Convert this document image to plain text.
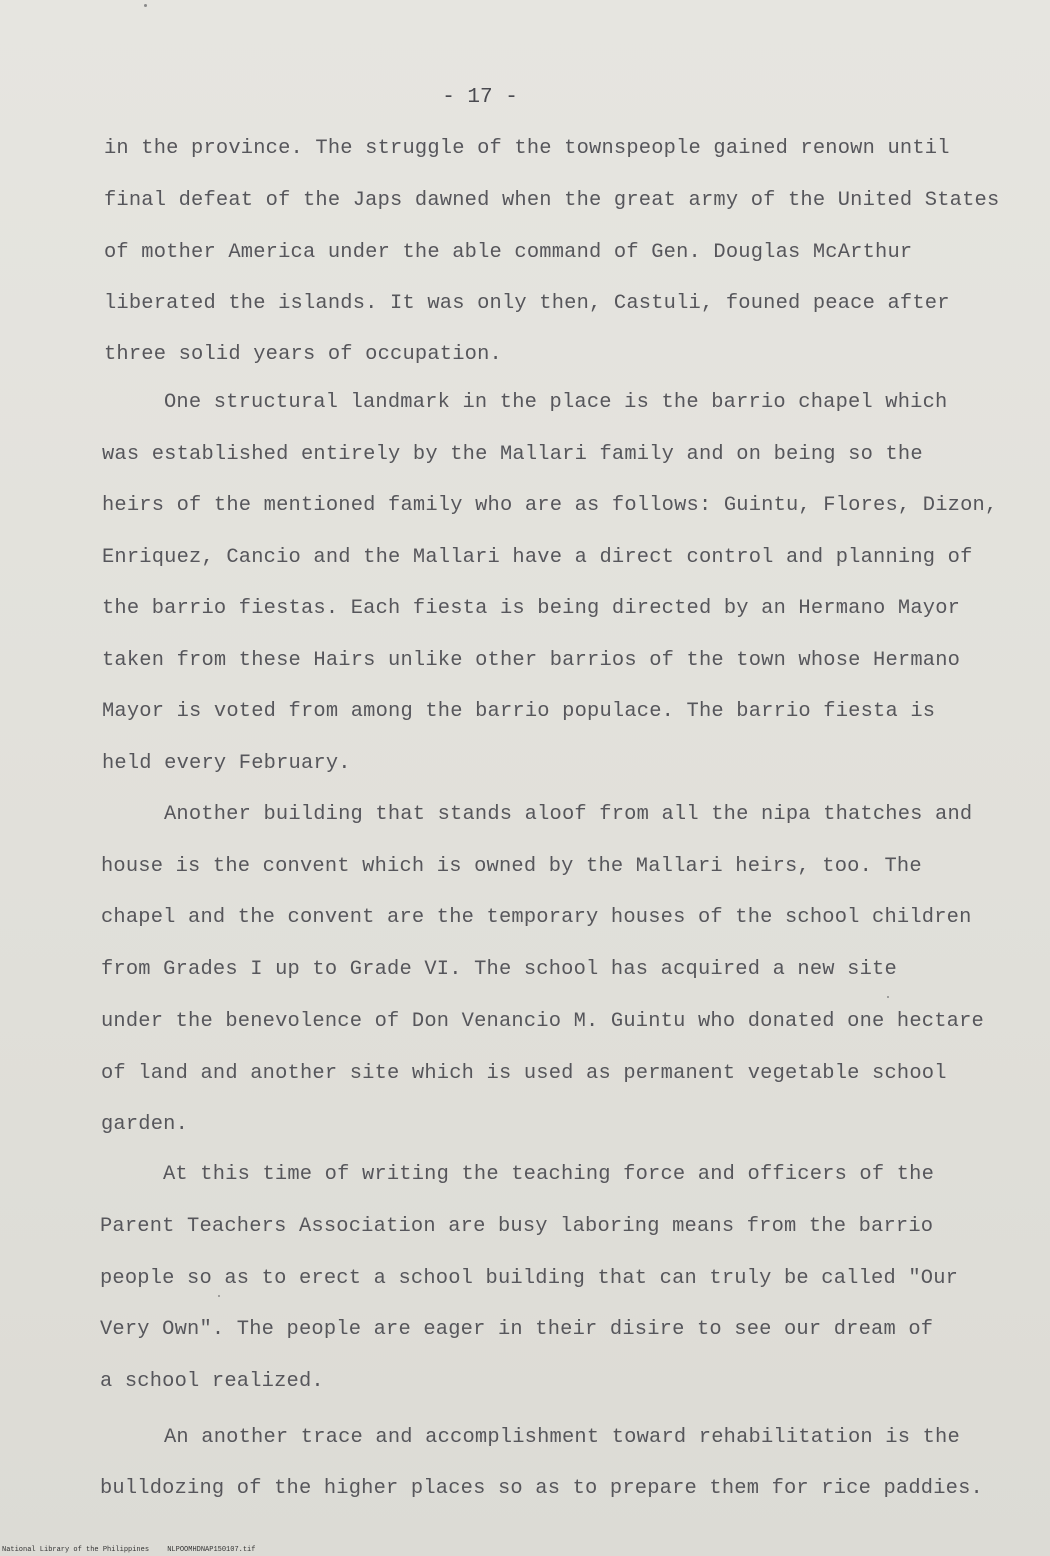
- 17 -
in the province. The struggle of the townspeople gained renown until
final defeat of the Japs dawned when the great army of the United States
of mother America under the able command of Gen. Douglas McArthur
liberated the islands. It was only then, Castuli, founed peace after
three solid years of occupation.
One structural landmark in the place is the barrio chapel which
was established entirely by the Mallari family and on being so the
heirs of the mentioned family who are as follows: Guintu, Flores, Dizon,
Enriquez, Cancio and the Mallari have a direct control and planning of
the barrio fiestas. Each fiesta is being directed by an Hermano Mayor
taken from these Hairs unlike other barrios of the town whose Hermano
Mayor is voted from among the barrio populace. The barrio fiesta is
held every February.
Another building that stands aloof from all the nipa thatches and
house is the convent which is owned by the Mallari heirs, too. The
chapel and the convent are the temporary houses of the school children
from Grades I up to Grade VI. The school has acquired a new site
under the benevolence of Don Venancio M. Guintu who donated one hectare
of land and another site which is used as permanent vegetable school
garden.
At this time of writing the teaching force and officers of the
Parent Teachers Association are busy laboring means from the barrio
people so as to erect a school building that can truly be called "Our
Very Own". The people are eager in their disire to see our dream of
a school realized.
An another trace and accomplishment toward rehabilitation is the
bulldozing of the higher places so as to prepare them for rice paddies.
National Library of the Philippines	NLPOOMHDNAP150107.tif
